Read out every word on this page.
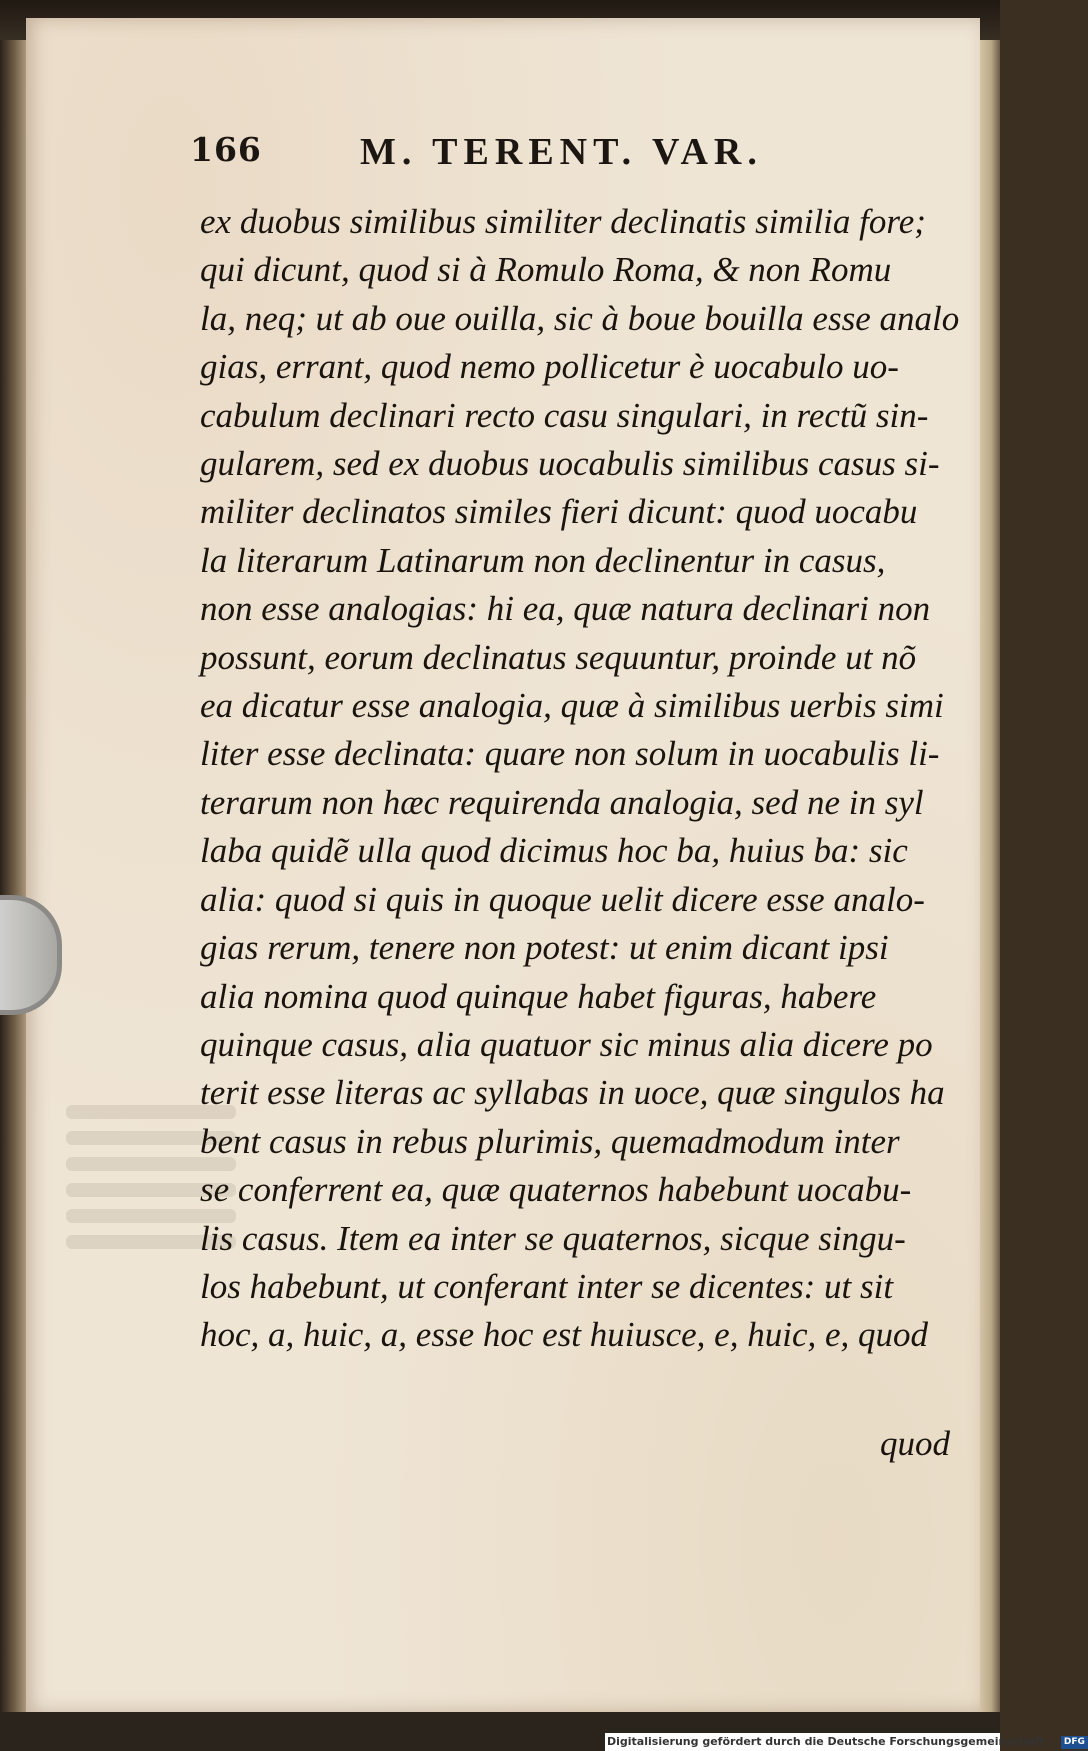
166	M. TERENT. VAR.
ex duobus similibus similiter declinatis similia fore;
qui dicunt, quod si à Romulo Roma, & non Romu
la, neq; ut ab oue ouilla, sic à boue bouilla esse analo
gias, errant, quod nemo pollicetur è uocabulo uo-
cabulum declinari recto casu singulari, in rectũ sin-
gularem, sed ex duobus uocabulis similibus casus si-
militer declinatos similes fieri dicunt: quod uocabu
la literarum Latinarum non declinentur in casus,
non esse analogias: hi ea, quæ natura declinari non
possunt, eorum declinatus sequuntur, proinde ut nõ
ea dicatur esse analogia, quæ à similibus uerbis simi
liter esse declinata: quare non solum in uocabulis li-
terarum non hæc requirenda analogia, sed ne in syl
laba quidẽ ulla quod dicimus hoc ba, huius ba: sic
alia: quod si quis in quoque uelit dicere esse analo-
gias rerum, tenere non potest: ut enim dicant ipsi
alia nomina quod quinque habet figuras, habere
quinque casus, alia quatuor sic minus alia dicere po
terit esse literas ac syllabas in uoce, quæ singulos ha
bent casus in rebus plurimis, quemadmodum inter
se conferrent ea, quæ quaternos habebunt uocabu-
lis casus. Item ea inter se quaternos, sicque singu-
los habebunt, ut conferant inter se dicentes: ut sit
hoc, a, huic, a, esse hoc est huiusce, e, huic, e, quod
quod
Digitalisierung gefördert durch die Deutsche Forschungsgemeinschaft - DFG
